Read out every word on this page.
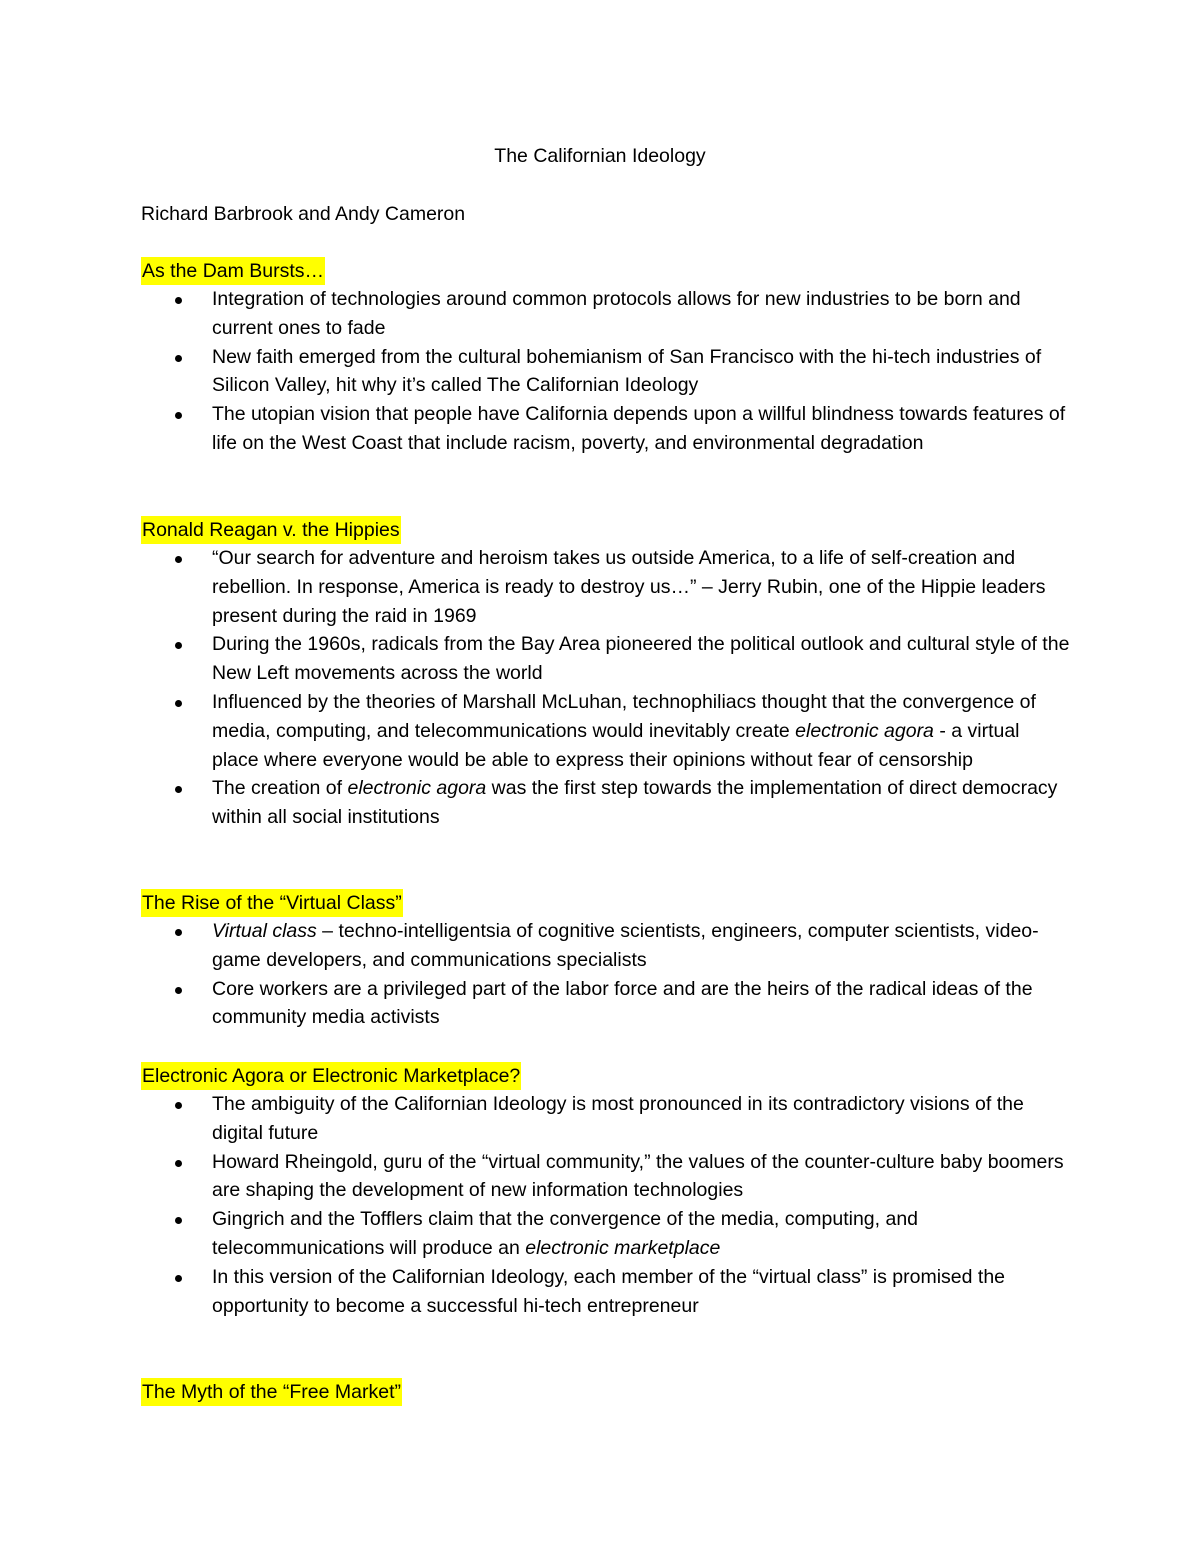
The Californian Ideology
Richard Barbrook and Andy Cameron
As the Dam Bursts…
Integration of technologies around common protocols allows for new industries to be born and current ones to fade
New faith emerged from the cultural bohemianism of San Francisco with the hi-tech industries of Silicon Valley, hit why it’s called The Californian Ideology
The utopian vision that people have California depends upon a willful blindness towards features of life on the West Coast that include racism, poverty, and environmental degradation
Ronald Reagan v. the Hippies
“Our search for adventure and heroism takes us outside America, to a life of self-creation and rebellion. In response, America is ready to destroy us…” – Jerry Rubin, one of the Hippie leaders present during the raid in 1969
During the 1960s, radicals from the Bay Area pioneered the political outlook and cultural style of the New Left movements across the world
Influenced by the theories of Marshall McLuhan, technophiliacs thought that the convergence of media, computing, and telecommunications would inevitably create electronic agora - a virtual place where everyone would be able to express their opinions without fear of censorship
The creation of electronic agora was the first step towards the implementation of direct democracy within all social institutions
The Rise of the “Virtual Class”
Virtual class – techno-intelligentsia of cognitive scientists, engineers, computer scientists, video-game developers, and communications specialists
Core workers are a privileged part of the labor force and are the heirs of the radical ideas of the community media activists
Electronic Agora or Electronic Marketplace?
The ambiguity of the Californian Ideology is most pronounced in its contradictory visions of the digital future
Howard Rheingold, guru of the “virtual community,” the values of the counter-culture baby boomers are shaping the development of new information technologies
Gingrich and the Tofflers claim that the convergence of the media, computing, and telecommunications will produce an electronic marketplace
In this version of the Californian Ideology, each member of the “virtual class” is promised the opportunity to become a successful hi-tech entrepreneur
The Myth of the “Free Market”
